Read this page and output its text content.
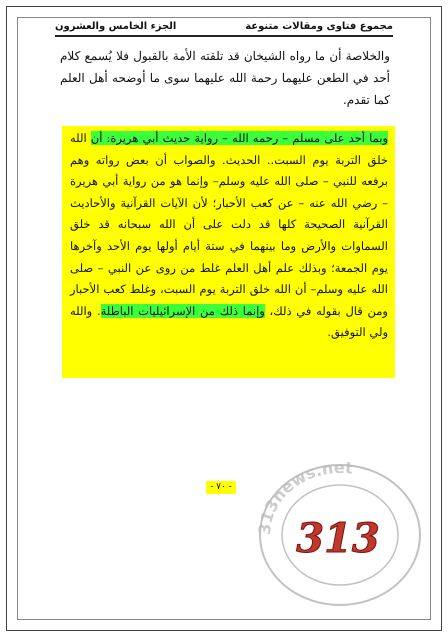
مجموع فتاوى ومقالات متنوعة
الجزء الخامس والعشرون

والخلاصة أن ما رواه الشيخان قد تلقته الأمة بالقبول فلا يُسمع كلام أحد في الطعن عليهما رحمة الله عليهما سوى ما أوضحه أهل العلم كما تقدم.

وبما أحد على مسلم – رحمه الله – رواية حديث أبي هريرة: أن الله خلق التربة يوم السبت.. الحديث. والصواب أن بعض رواته وهم برفعه للنبي – صلى الله عليه وسلم– وإنما هو من رواية أبي هريرة – رضي الله عنه – عن كعب الأحبار؛ لأن الآيات القرآنية والأحاديث القرآنية الصحيحة كلها قد دلت على أن الله سبحانه قد خلق السماوات والأرض وما بينهما في ستة أيام أولها يوم الأحد وآخرها يوم الجمعة؛ وبذلك علم أهل العلم غلط من روى عن النبي – صلى الله عليه وسلم– أن الله خلق التربة يوم السبت، وغلط كعب الأحبار ومن قال بقوله في ذلك، وإنما ذلك من الإسرائيليات الباطلة. والله ولي التوفيق.

- ٧٠ -
313news.net
313
